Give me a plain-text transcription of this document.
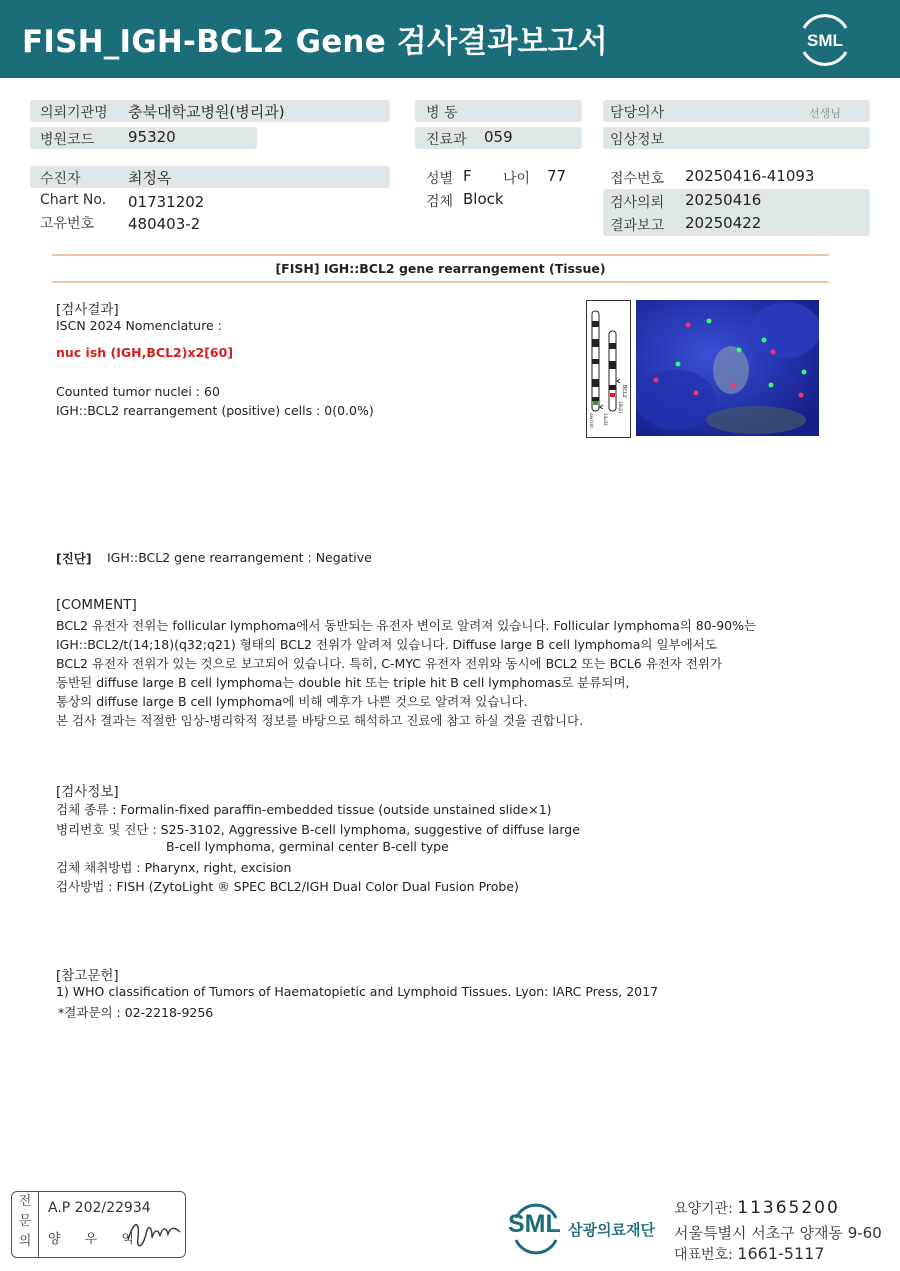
FISH_IGH-BCL2 Gene 검사결과보고서	SML
의뢰기관명 충북대학교병원(병리과)
병원코드 95320
수진자	최정옥
Chart No. 01731202
고유번호 480403-2
병 동
진료과 059
성별 F 나이 77
검체 Block
담당의사	선생님
임상정보
접수번호 20250416-41093
검사의뢰 20250416
결과보고 20250422
[FISH] IGH::BCL2 gene rearrangement (Tissue)
[검사결과]
ISCN 2024 Nomenclature :
nuc ish (IGH,BCL2)x2[60]
Counted tumor nuclei : 60
IGH::BCL2 rearrangement (positive) cells : 0(0.0%)
BCL2
14q32
18q21
der(14)
[진단] IGH::BCL2 gene rearrangement : Negative
[COMMENT]
BCL2 유전자 전위는 follicular lymphoma에서 동반되는 유전자 변이로 알려져 있습니다. Follicular lymphoma의 80-90%는
IGH::BCL2/t(14;18)(q32;q21) 형태의 BCL2 전위가 알려져 있습니다. Diffuse large B cell lymphoma의 일부에서도
BCL2 유전자 전위가 있는 것으로 보고되어 있습니다. 특히, C-MYC 유전자 전위와 동시에 BCL2 또는 BCL6 유전자 전위가
동반된 diffuse large B cell lymphoma는 double hit 또는 triple hit B cell lymphomas로 분류되며,
통상의 diffuse large B cell lymphoma에 비해 예후가 나쁜 것으로 알려져 있습니다.
본 검사 결과는 적절한 임상-병리학적 정보를 바탕으로 해석하고 진료에 참고 하실 것을 권합니다.
[검사정보]
검체 종류 : Formalin-fixed paraffin-embedded tissue (outside unstained slide×1)
병리번호 및 진단 : S25-3102, Aggressive B-cell lymphoma, suggestive of diffuse large
B-cell lymphoma, germinal center B-cell type
검체 채취방법 : Pharynx, right, excision
검사방법 : FISH (ZytoLight ® SPEC BCL2/IGH Dual Color Dual Fusion Probe)
[참고문헌]
1) WHO classification of Tumors of Haematopietic and Lymphoid Tissues. Lyon: IARC Press, 2017
*결과문의 : 02-2218-9256
전
문
의
A.P 202/22934
양 우 익
SML 삼광의료재단
요양기관: 11365200
서울특별시 서초구 양재동 9-60
대표번호: 1661-5117
